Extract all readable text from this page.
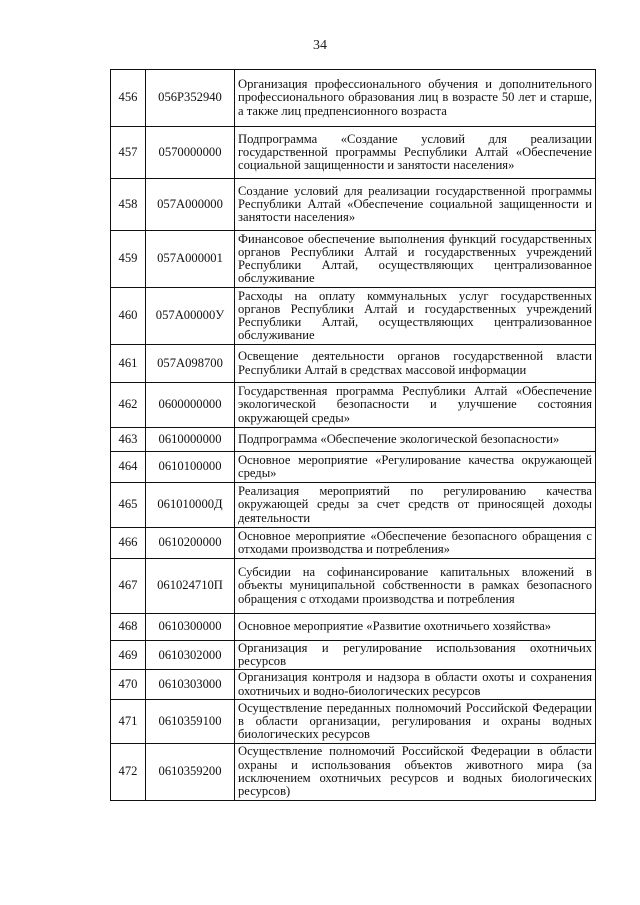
34
456	056P352940	Организация профессионального обучения и дополнительного профессионального образования лиц в возрасте 50 лет и старше, а также лиц предпенсионного возраста
457	0570000000	Подпрограмма «Создание условий для реализации государственной программы Республики Алтай «Обеспечение социальной защищенности и занятости населения»
458	057A000000	Создание условий для реализации государственной программы Республики Алтай «Обеспечение социальной защищенности и занятости населения»
459	057A000001	Финансовое обеспечение выполнения функций государственных органов Республики Алтай и государственных учреждений Республики Алтай, осуществляющих централизованное обслуживание
460	057A00000У	Расходы на оплату коммунальных услуг государственных органов Республики Алтай и государственных учреждений Республики Алтай, осуществляющих централизованное обслуживание
461	057A098700	Освещение деятельности органов государственной власти Республики Алтай в средствах массовой информации
462	0600000000	Государственная программа Республики Алтай «Обеспечение экологической безопасности и улучшение состояния окружающей среды»
463	0610000000	Подпрограмма «Обеспечение экологической безопасности»
464	0610100000	Основное мероприятие «Регулирование качества окружающей среды»
465	061010000Д	Реализация мероприятий по регулированию качества окружающей среды за счет средств от приносящей доходы деятельности
466	0610200000	Основное мероприятие «Обеспечение безопасного обращения с отходами производства и потребления»
467	061024710П	Субсидии на софинансирование капитальных вложений в объекты муниципальной собственности в рамках безопасного обращения с отходами производства и потребления
468	0610300000	Основное мероприятие «Развитие охотничьего хозяйства»
469	0610302000	Организация и регулирование использования охотничьих ресурсов
470	0610303000	Организация контроля и надзора в области охоты и сохранения охотничьих и водно-биологических ресурсов
471	0610359100	Осуществление переданных полномочий Российской Федерации в области организации, регулирования и охраны водных биологических ресурсов
472	0610359200	Осуществление полномочий Российской Федерации в области охраны и использования объектов животного мира (за исключением охотничьих ресурсов и водных биологических ресурсов)
